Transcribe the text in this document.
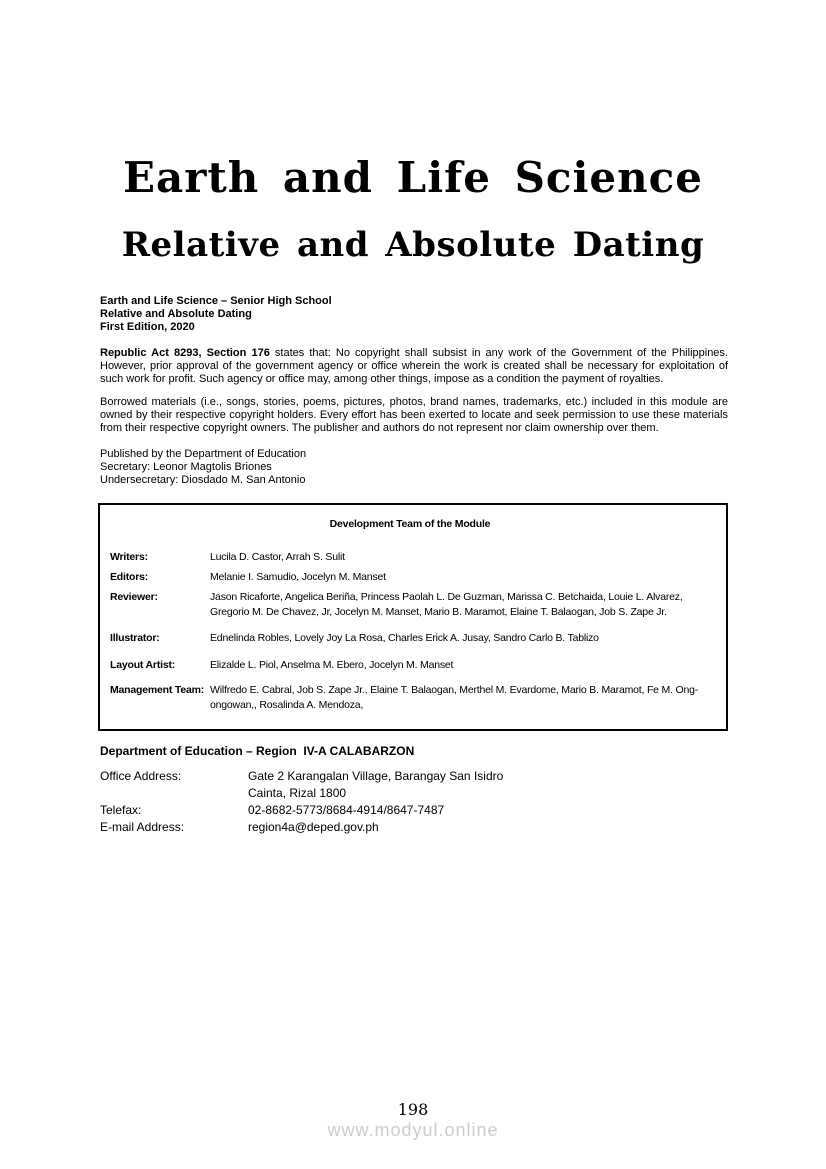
Earth and Life Science
Relative and Absolute Dating
Earth and Life Science – Senior High School
Relative and Absolute Dating
First Edition, 2020

Republic Act 8293, Section 176 states that: No copyright shall subsist in any work of the Government of the Philippines. However, prior approval of the government agency or office wherein the work is created shall be necessary for exploitation of such work for profit. Such agency or office may, among other things, impose as a condition the payment of royalties.

Borrowed materials (i.e., songs, stories, poems, pictures, photos, brand names, trademarks, etc.) included in this module are owned by their respective copyright holders. Every effort has been exerted to locate and seek permission to use these materials from their respective copyright owners. The publisher and authors do not represent nor claim ownership over them.

Published by the Department of Education
Secretary: Leonor Magtolis Briones
Undersecretary: Diosdado M. San Antonio
Development Team of the Module
Writers:	Lucila D. Castor, Arrah S. Sulit
Editors:	Melanie I. Samudio, Jocelyn M. Manset
Reviewer:	Jason Ricaforte, Angelica Beriña, Princess Paolah L. De Guzman, Marissa C. Betchaida, Louie L. Alvarez, Gregorio M. De Chavez, Jr, Jocelyn M. Manset, Mario B. Maramot, Elaine T. Balaogan, Job S. Zape Jr.
Illustrator:	Ednelinda Robles, Lovely Joy La Rosa, Charles Erick A. Jusay, Sandro Carlo B. Tablizo
Layout Artist:	Elizalde L. Piol, Anselma M. Ebero, Jocelyn M. Manset
Management Team: Wilfredo E. Cabral, Job S. Zape Jr., Elaine T. Balaogan, Merthel M. Evardome, Mario B. Maramot, Fe M. Ong-ongowan,, Rosalinda A. Mendoza,
Department of Education – Region  IV-A CALABARZON
Office Address:	Gate 2 Karangalan Village, Barangay San Isidro
Cainta, Rizal 1800
Telefax:	02-8682-5773/8684-4914/8647-7487
E-mail Address:	region4a@deped.gov.ph
198
www.modyul.online
